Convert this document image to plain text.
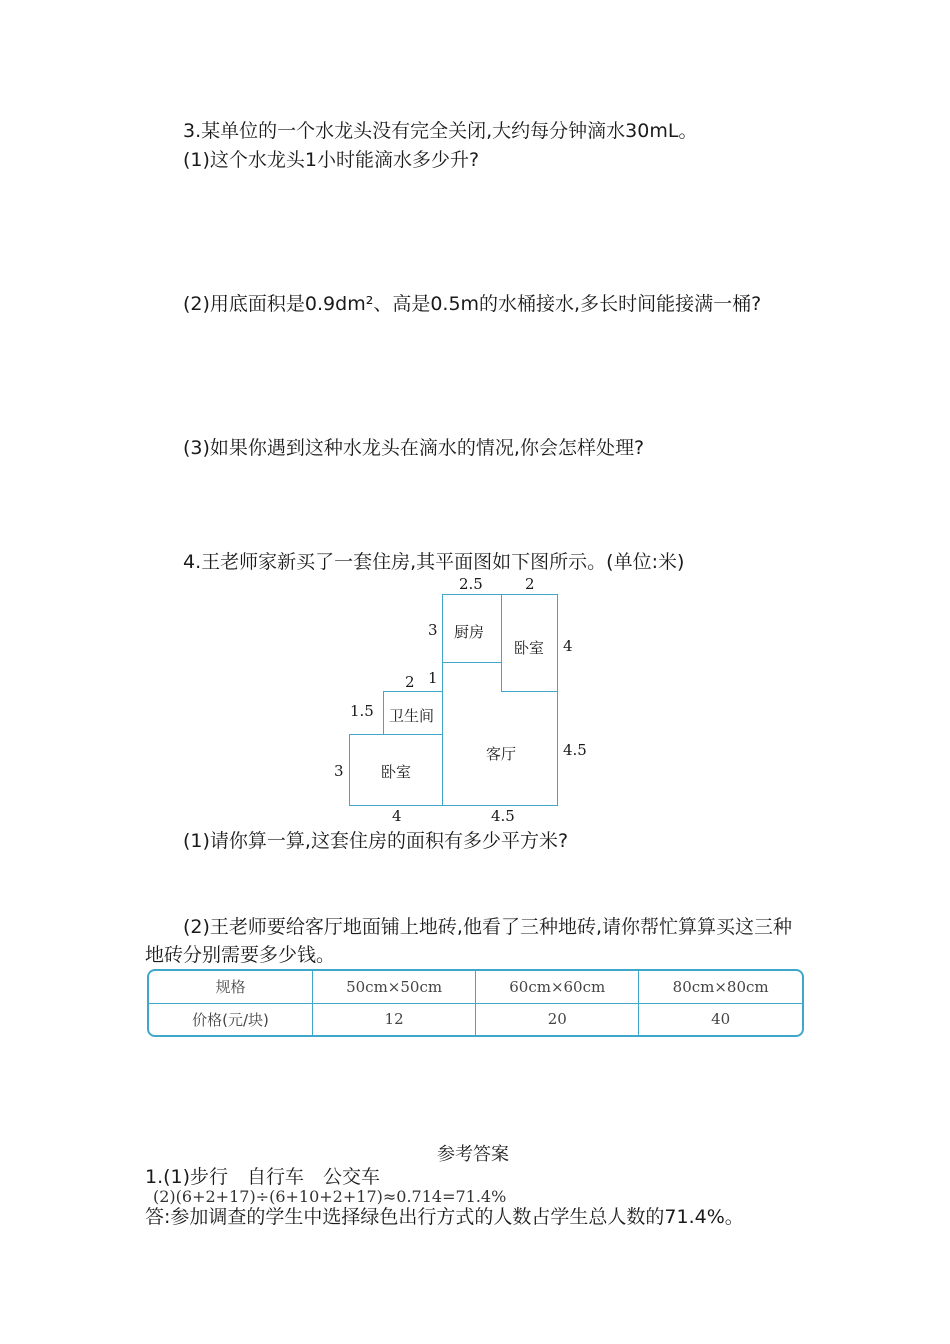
3.某单位的一个水龙头没有完全关闭,大约每分钟滴水30mL。
(1)这个水龙头1小时能滴水多少升?
(2)用底面积是0.9dm²、高是0.5m的水桶接水,多长时间能接满一桶?
(3)如果你遇到这种水龙头在滴水的情况,你会怎样处理?
4.王老师家新买了一套住房,其平面图如下图所示。(单位:米)
厨房
卧室
卫生间
客厅
卧室
2.5	2
3
4
2 1
1.5
4.5
3
4	4.5
(1)请你算一算,这套住房的面积有多少平方米?
(2)王老师要给客厅地面铺上地砖,他看了三种地砖,请你帮忙算算买这三种
地砖分别需要多少钱。
规格	50cm×50cm	60cm×60cm	80cm×80cm
价格(元/块)	12	20	40
参考答案
1.(1)步行　自行车　公交车
(2)(6+2+17)÷(6+10+2+17)≈0.714=71.4%
答:参加调查的学生中选择绿色出行方式的人数占学生总人数的71.4%。
